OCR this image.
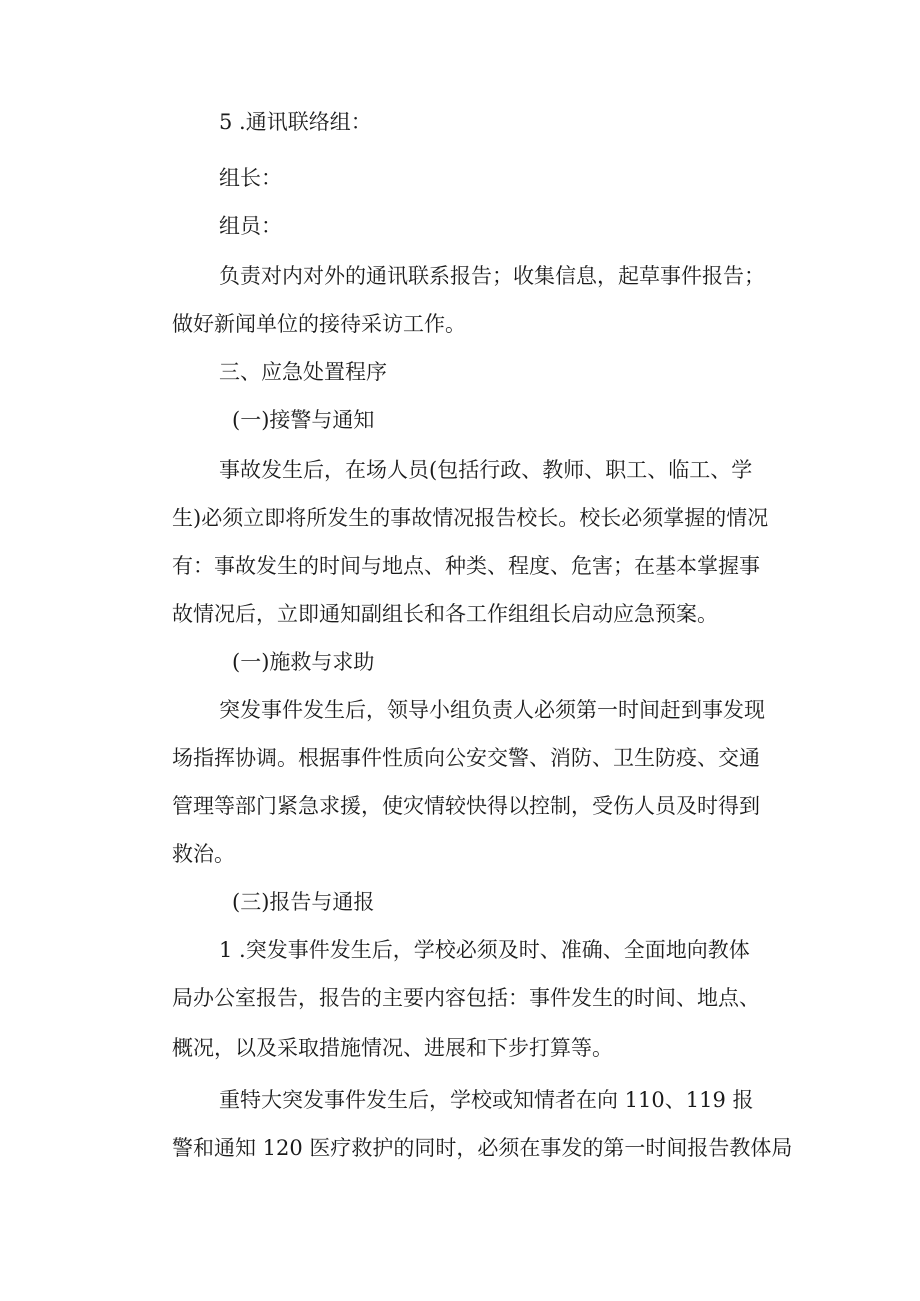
5 .通讯联络组：
组长：
组员：
负责对内对外的通讯联系报告；收集信息，起草事件报告；
做好新闻单位的接待采访工作。
三、应急处置程序
(一)接警与通知
事故发生后，在场人员(包括行政、教师、职工、临工、学
生)必须立即将所发生的事故情况报告校长。校长必须掌握的情况
有：事故发生的时间与地点、种类、程度、危害；在基本掌握事
故情况后，立即通知副组长和各工作组组长启动应急预案。
(一)施救与求助
突发事件发生后，领导小组负责人必须第一时间赶到事发现
场指挥协调。根据事件性质向公安交警、消防、卫生防疫、交通
管理等部门紧急求援，使灾情较快得以控制，受伤人员及时得到
救治。
(三)报告与通报
1 .突发事件发生后，学校必须及时、准确、全面地向教体
局办公室报告，报告的主要内容包括：事件发生的时间、地点、
概况，以及采取措施情况、进展和下步打算等。
重特大突发事件发生后，学校或知情者在向 110、119 报
警和通知 120 医疗救护的同时，必须在事发的第一时间报告教体局
